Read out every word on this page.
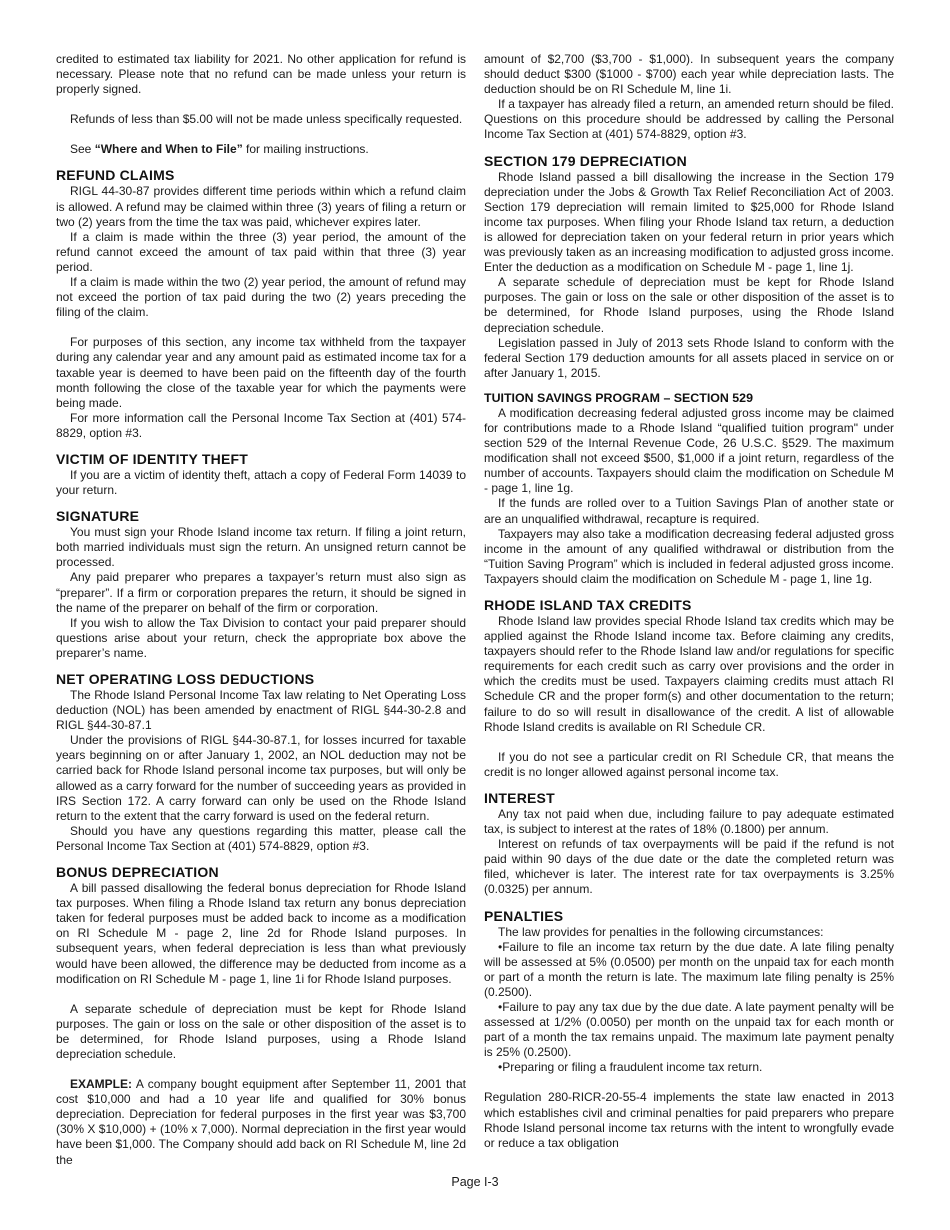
credited to estimated tax liability for 2021. No other application for refund is necessary. Please note that no refund can be made unless your return is properly signed.

Refunds of less than $5.00 will not be made unless specifically requested.

See “Where and When to File” for mailing instructions.

REFUND CLAIMS

RIGL 44-30-87 provides different time periods within which a refund claim is allowed. A refund may be claimed within three (3) years of filing a return or two (2) years from the time the tax was paid, whichever expires later.

If a claim is made within the three (3) year period, the amount of the refund cannot exceed the amount of tax paid within that three (3) year period.

If a claim is made within the two (2) year period, the amount of refund may not exceed the portion of tax paid during the two (2) years preceding the filing of the claim.

For purposes of this section, any income tax withheld from the taxpayer during any calendar year and any amount paid as estimated income tax for a taxable year is deemed to have been paid on the fifteenth day of the fourth month following the close of the taxable year for which the payments were being made.

For more information call the Personal Income Tax Section at (401) 574-8829, option #3.

VICTIM OF IDENTITY THEFT

If you are a victim of identity theft, attach a copy of Federal Form 14039 to your return.

SIGNATURE

You must sign your Rhode Island income tax return. If filing a joint return, both married individuals must sign the return. An unsigned return cannot be processed.

Any paid preparer who prepares a taxpayer’s return must also sign as “preparer”. If a firm or corporation prepares the return, it should be signed in the name of the preparer on behalf of the firm or corporation.

If you wish to allow the Tax Division to contact your paid preparer should questions arise about your return, check the appropriate box above the preparer’s name.

NET OPERATING LOSS DEDUCTIONS

The Rhode Island Personal Income Tax law relating to Net Operating Loss deduction (NOL) has been amended by enactment of RIGL §44-30-2.8 and RIGL §44-30-87.1

Under the provisions of RIGL §44-30-87.1, for losses incurred for taxable years beginning on or after January 1, 2002, an NOL deduction may not be carried back for Rhode Island personal income tax purposes, but will only be allowed as a carry forward for the number of succeeding years as provided in IRS Section 172. A carry forward can only be used on the Rhode Island return to the extent that the carry forward is used on the federal return.

Should you have any questions regarding this matter, please call the Personal Income Tax Section at (401) 574-8829, option #3.

BONUS DEPRECIATION

A bill passed disallowing the federal bonus depreciation for Rhode Island tax purposes. When filing a Rhode Island tax return any bonus depreciation taken for federal purposes must be added back to income as a modification on RI Schedule M - page 2, line 2d for Rhode Island purposes. In subsequent years, when federal depreciation is less than what previously would have been allowed, the difference may be deducted from income as a modification on RI Schedule M - page 1, line 1i for Rhode Island purposes.

A separate schedule of depreciation must be kept for Rhode Island purposes. The gain or loss on the sale or other disposition of the asset is to be determined, for Rhode Island purposes, using a Rhode Island depreciation schedule.

EXAMPLE: A company bought equipment after September 11, 2001 that cost $10,000 and had a 10 year life and qualified for 30% bonus depreciation. Depreciation for federal purposes in the first year was $3,700 (30% X $10,000) + (10% x 7,000). Normal depreciation in the first year would have been $1,000. The Company should add back on RI Schedule M, line 2d the

amount of $2,700 ($3,700 - $1,000). In subsequent years the company should deduct $300 ($1000 - $700) each year while depreciation lasts. The deduction should be on RI Schedule M, line 1i.

If a taxpayer has already filed a return, an amended return should be filed. Questions on this procedure should be addressed by calling the Personal Income Tax Section at (401) 574-8829, option #3.

SECTION 179 DEPRECIATION

Rhode Island passed a bill disallowing the increase in the Section 179 depreciation under the Jobs & Growth Tax Relief Reconciliation Act of 2003. Section 179 depreciation will remain limited to $25,000 for Rhode Island income tax purposes. When filing your Rhode Island tax return, a deduction is allowed for depreciation taken on your federal return in prior years which was previously taken as an increasing modification to adjusted gross income. Enter the deduction as a modification on Schedule M - page 1, line 1j.

A separate schedule of depreciation must be kept for Rhode Island purposes. The gain or loss on the sale or other disposition of the asset is to be determined, for Rhode Island purposes, using the Rhode Island depreciation schedule.

Legislation passed in July of 2013 sets Rhode Island to conform with the federal Section 179 deduction amounts for all assets placed in service on or after January 1, 2015.

TUITION SAVINGS PROGRAM – SECTION 529

A modification decreasing federal adjusted gross income may be claimed for contributions made to a Rhode Island “qualified tuition program" under section 529 of the Internal Revenue Code, 26 U.S.C. §529. The maximum modification shall not exceed $500, $1,000 if a joint return, regardless of the number of accounts. Taxpayers should claim the modification on Schedule M - page 1, line 1g.

If the funds are rolled over to a Tuition Savings Plan of another state or are an unqualified withdrawal, recapture is required.

Taxpayers may also take a modification decreasing federal adjusted gross income in the amount of any qualified withdrawal or distribution from the “Tuition Saving Program” which is included in federal adjusted gross income. Taxpayers should claim the modification on Schedule M - page 1, line 1g.

RHODE ISLAND TAX CREDITS

Rhode Island law provides special Rhode Island tax credits which may be applied against the Rhode Island income tax. Before claiming any credits, taxpayers should refer to the Rhode Island law and/or regulations for specific requirements for each credit such as carry over provisions and the order in which the credits must be used. Taxpayers claiming credits must attach RI Schedule CR and the proper form(s) and other documentation to the return; failure to do so will result in disallowance of the credit. A list of allowable Rhode Island credits is available on RI Schedule CR.

If you do not see a particular credit on RI Schedule CR, that means the credit is no longer allowed against personal income tax.

INTEREST

Any tax not paid when due, including failure to pay adequate estimated tax, is subject to interest at the rates of 18% (0.1800) per annum.

Interest on refunds of tax overpayments will be paid if the refund is not paid within 90 days of the due date or the date the completed return was filed, whichever is later. The interest rate for tax overpayments is 3.25% (0.0325) per annum.

PENALTIES

The law provides for penalties in the following circumstances:

•Failure to file an income tax return by the due date. A late filing penalty will be assessed at 5% (0.0500) per month on the unpaid tax for each month or part of a month the return is late. The maximum late filing penalty is 25% (0.2500).

•Failure to pay any tax due by the due date. A late payment penalty will be assessed at 1/2% (0.0050) per month on the unpaid tax for each month or part of a month the tax remains unpaid. The maximum late payment penalty is 25% (0.2500).

•Preparing or filing a fraudulent income tax return.

Regulation 280-RICR-20-55-4 implements the state law enacted in 2013 which establishes civil and criminal penalties for paid preparers who prepare Rhode Island personal income tax returns with the intent to wrongfully evade or reduce a tax obligation

Page I-3
